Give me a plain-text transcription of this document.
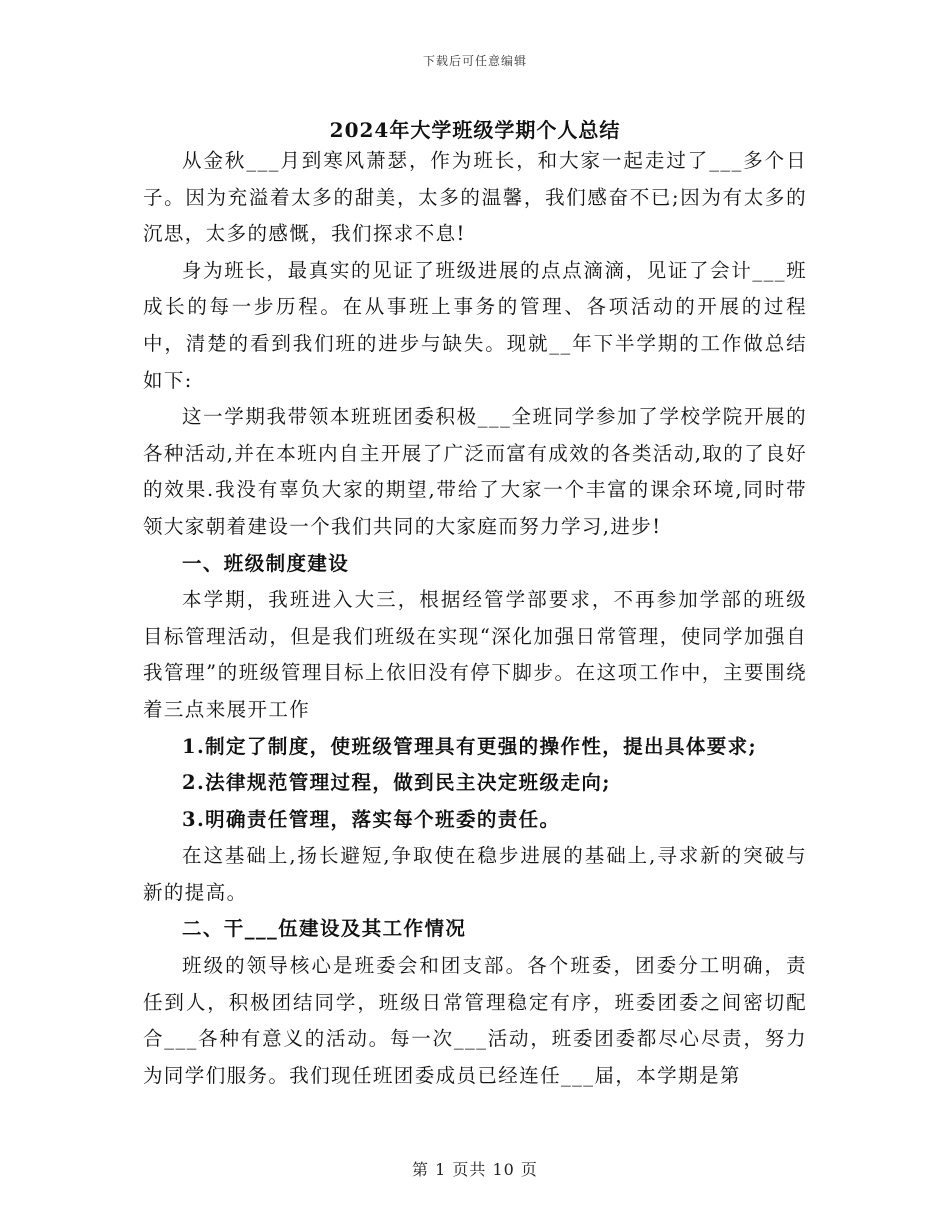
下载后可任意编辑
2024年大学班级学期个人总结

从金秋___月到寒风萧瑟，作为班长，和大家一起走过了___多个日子。因为充溢着太多的甜美，太多的温馨，我们感奋不已;因为有太多的沉思，太多的感慨，我们探求不息!

身为班长，最真实的见证了班级进展的点点滴滴，见证了会计___班成长的每一步历程。在从事班上事务的管理、各项活动的开展的过程中，清楚的看到我们班的进步与缺失。现就__年下半学期的工作做总结如下:

这一学期我带领本班班团委积极___全班同学参加了学校学院开展的各种活动,并在本班内自主开展了广泛而富有成效的各类活动,取的了良好的效果.我没有辜负大家的期望,带给了大家一个丰富的课余环境,同时带领大家朝着建设一个我们共同的大家庭而努力学习,进步!

一、班级制度建设

本学期，我班进入大三，根据经管学部要求，不再参加学部的班级目标管理活动，但是我们班级在实现“深化加强日常管理，使同学加强自我管理”的班级管理目标上依旧没有停下脚步。在这项工作中，主要围绕着三点来展开工作

1.制定了制度，使班级管理具有更强的操作性，提出具体要求;

2.法律规范管理过程，做到民主决定班级走向;

3.明确责任管理，落实每个班委的责任。

在这基础上,扬长避短,争取使在稳步进展的基础上,寻求新的突破与新的提高。

二、干___伍建设及其工作情况

班级的领导核心是班委会和团支部。各个班委，团委分工明确，责任到人，积极团结同学，班级日常管理稳定有序，班委团委之间密切配合___各种有意义的活动。每一次___活动，班委团委都尽心尽责，努力为同学们服务。我们现任班团委成员已经连任___届，本学期是第

第 1 页共 10 页
